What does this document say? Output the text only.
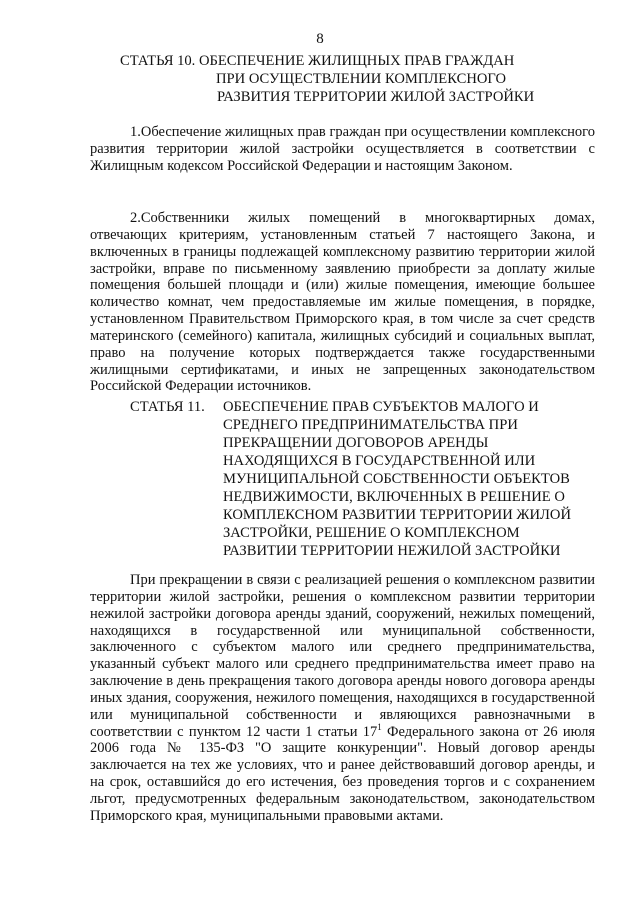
8
СТАТЬЯ 10. ОБЕСПЕЧЕНИЕ ЖИЛИЩНЫХ ПРАВ ГРАЖДАН
ПРИ ОСУЩЕСТВЛЕНИИ КОМПЛЕКСНОГО
РАЗВИТИЯ ТЕРРИТОРИИ ЖИЛОЙ ЗАСТРОЙКИ

1.Обеспечение жилищных прав граждан при осуществлении комплексного развития территории жилой застройки осуществляется в соответствии с Жилищным кодексом Российской Федерации и настоящим Законом.

2.Собственники жилых помещений в многоквартирных домах, отвечающих критериям, установленным статьей 7 настоящего Закона, и включенных в границы подлежащей комплексному развитию территории жилой застройки, вправе по письменному заявлению приобрести за доплату жилые помещения большей площади и (или) жилые помещения, имеющие большее количество комнат, чем предоставляемые им жилые помещения, в порядке, установленном Правительством Приморского края, в том числе за счет средств материнского (семейного) капитала, жилищных субсидий и социальных выплат, право на получение которых подтверждается также государственными жилищными сертификатами, и иных не запрещенных законодательством Российской Федерации источников.

СТАТЬЯ 11. ОБЕСПЕЧЕНИЕ ПРАВ СУБЪЕКТОВ МАЛОГО И
СРЕДНЕГО ПРЕДПРИНИМАТЕЛЬСТВА ПРИ
ПРЕКРАЩЕНИИ ДОГОВОРОВ АРЕНДЫ
НАХОДЯЩИХСЯ В ГОСУДАРСТВЕННОЙ ИЛИ
МУНИЦИПАЛЬНОЙ СОБСТВЕННОСТИ ОБЪЕКТОВ
НЕДВИЖИМОСТИ, ВКЛЮЧЕННЫХ В РЕШЕНИЕ О
КОМПЛЕКСНОМ РАЗВИТИИ ТЕРРИТОРИИ ЖИЛОЙ
ЗАСТРОЙКИ, РЕШЕНИЕ О КОМПЛЕКСНОМ
РАЗВИТИИ ТЕРРИТОРИИ НЕЖИЛОЙ ЗАСТРОЙКИ

При прекращении в связи с реализацией решения о комплексном развитии территории жилой застройки, решения о комплексном развитии территории нежилой застройки договора аренды зданий, сооружений, нежилых помещений, находящихся в государственной или муниципальной собственности, заключенного с субъектом малого или среднего предпринимательства, указанный субъект малого или среднего предпринимательства имеет право на заключение в день прекращения такого договора аренды нового договора аренды иных здания, сооружения, нежилого помещения, находящихся в государственной или муниципальной собственности и являющихся равнозначными в соответствии с пунктом 12 части 1 статьи $17^1$ Федерального закона от 26 июля 2006 года № 135-ФЗ "О защите конкуренции". Новый договор аренды заключается на тех же условиях, что и ранее действовавший договор аренды, и на срок, оставшийся до его истечения, без проведения торгов и с сохранением льгот, предусмотренных федеральным законодательством, законодательством Приморского края, муниципальными правовыми актами.
